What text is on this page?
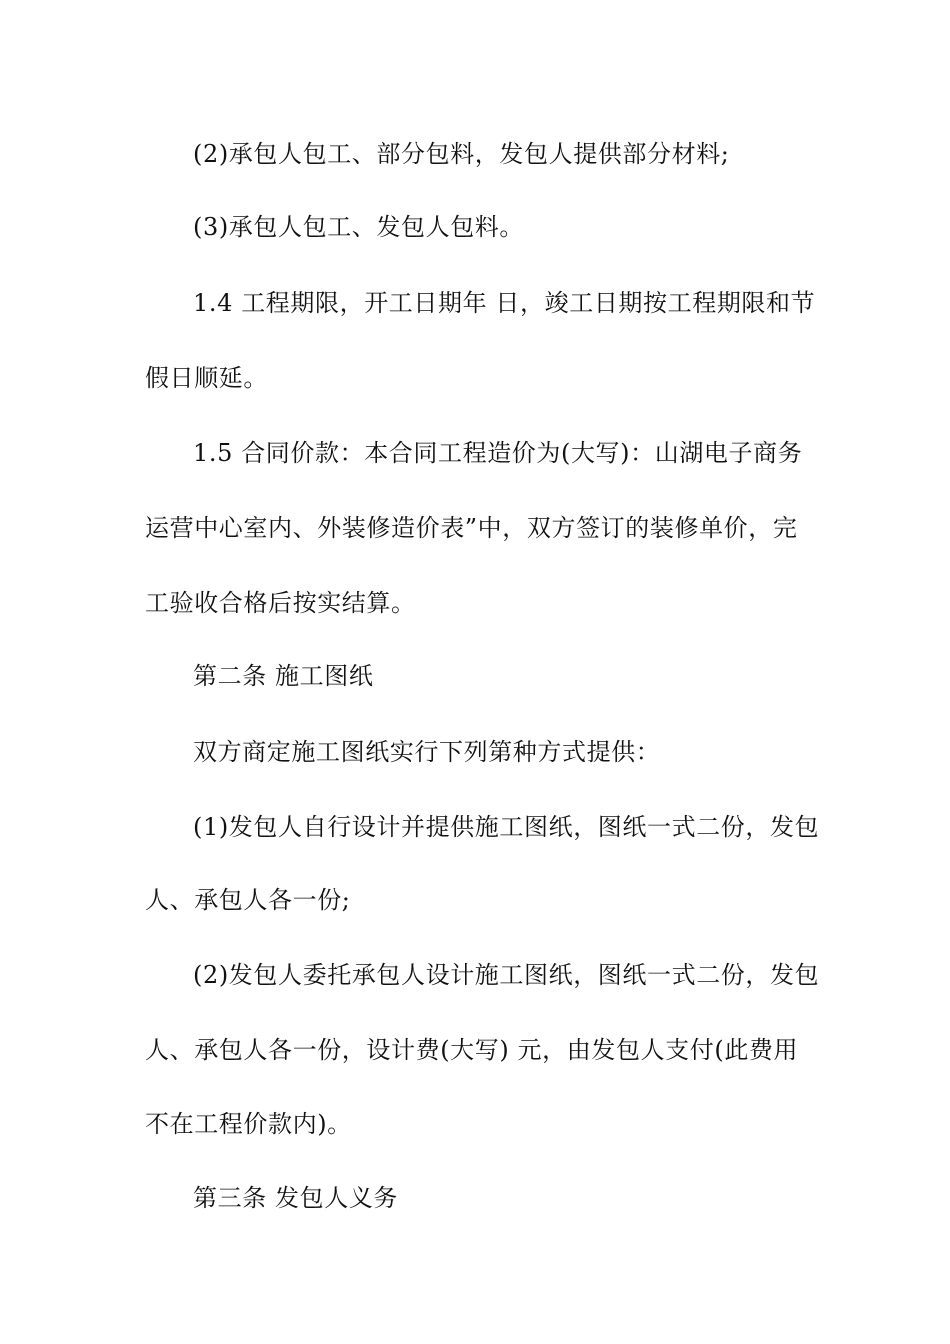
(2)承包人包工、部分包料，发包人提供部分材料;
(3)承包人包工、发包人包料。
1.4 工程期限，开工日期年 日，竣工日期按工程期限和节
假日顺延。
1.5 合同价款：本合同工程造价为(大写)：山湖电子商务
运营中心室内、外装修造价表”中，双方签订的装修单价，完
工验收合格后按实结算。
第二条 施工图纸
双方商定施工图纸实行下列第种方式提供：
(1)发包人自行设计并提供施工图纸，图纸一式二份，发包
人、承包人各一份;
(2)发包人委托承包人设计施工图纸，图纸一式二份，发包
人、承包人各一份，设计费(大写) 元，由发包人支付(此费用
不在工程价款内)。
第三条 发包人义务
